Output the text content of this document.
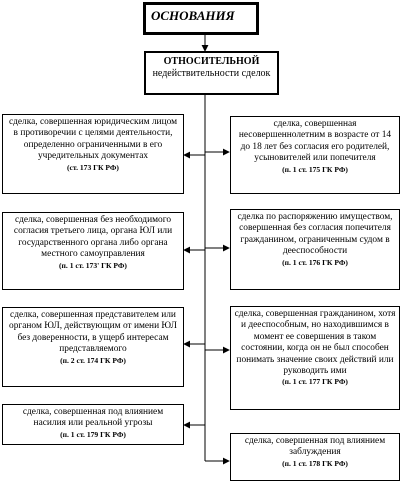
ОСНОВАНИЯ
ОТНОСИТЕЛЬНОЙ
недействительности сделок
сделка, совершенная юридическим лицом в противоречии с целями деятельности, определенно ограниченными в его учредительных документах
(ст. 173 ГК РФ)
сделка, совершенная без необходимого согласия третьего лица, органа ЮЛ или государственного органа либо органа местного самоуправления
(п. 1 ст. 173' ГК РФ)
сделка, совершенная представителем или органом ЮЛ, действующим от имени ЮЛ без доверенности, в ущерб интересам представляемого
(п. 2 ст. 174 ГК РФ)
сделка, совершенная под влиянием насилия или реальной угрозы
(п. 1 ст. 179 ГК РФ)
сделка, совершенная несовершеннолетним в возрасте от 14 до 18 лет без согласия его родителей, усыновителей или попечителя
(п. 1 ст. 175 ГК РФ)
сделка по распоряжению имуществом, совершенная без согласия попечителя гражданином, ограниченным судом в дееспособности
(п. 1 ст. 176 ГК РФ)
сделка, совершенная гражданином, хотя и дееспособным, но находившимся в момент ее совершения в таком состоянии, когда он не был способен понимать значение своих действий или руководить ими
(п. 1 ст. 177 ГК РФ)
сделка, совершенная под влиянием заблуждения
(п. 1 ст. 178 ГК РФ)
